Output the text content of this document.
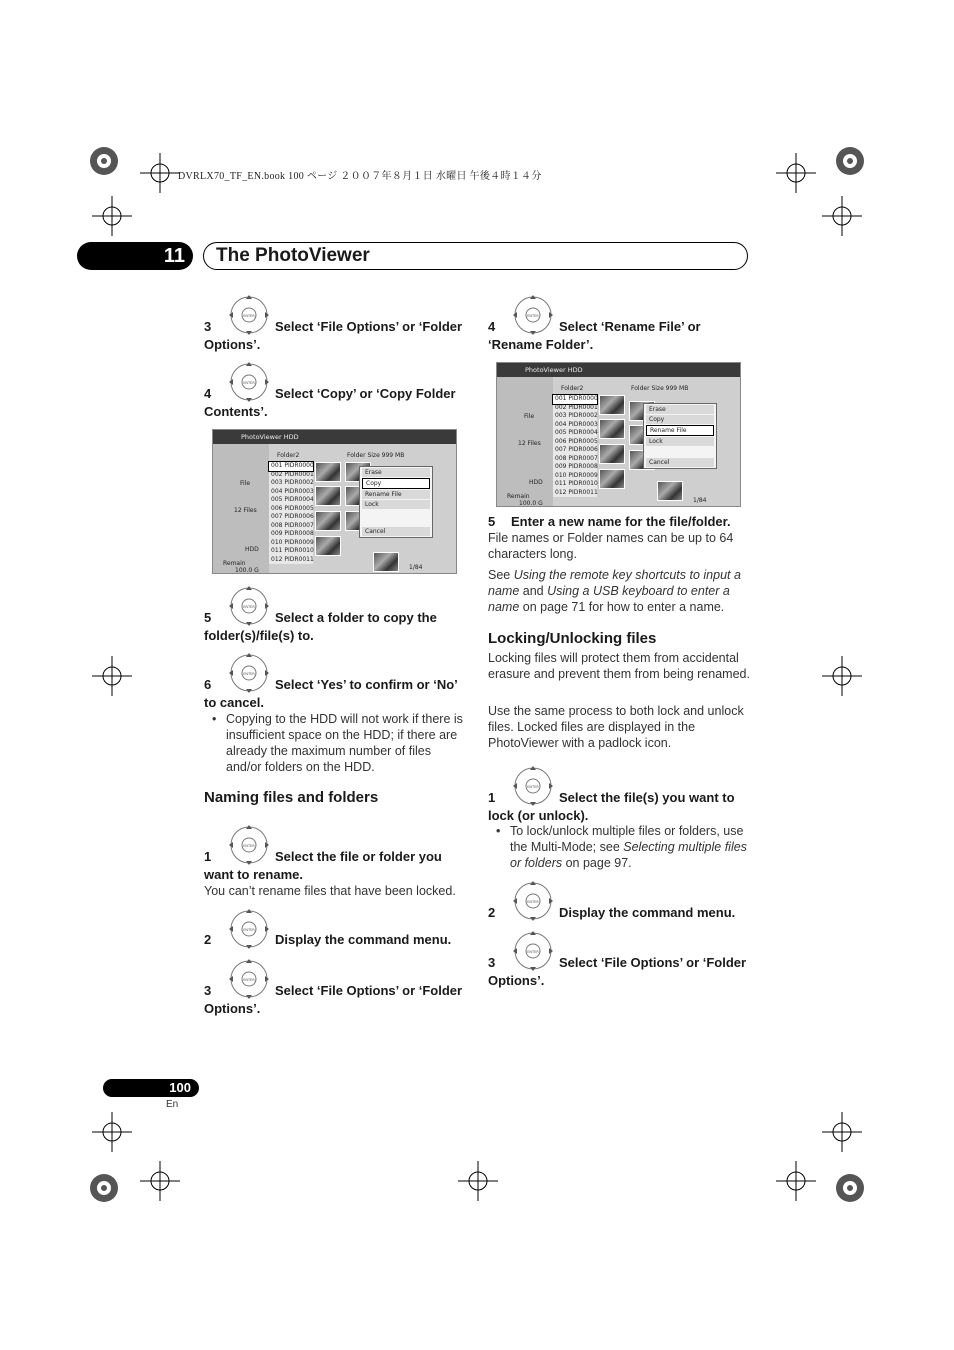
DVRLX70_TF_EN.book 100 ページ ２００７年８月１日 水曜日 午後４時１４分
11	The PhotoViewer
3	Select ‘File Options’ or ‘Folder Options’.
4	Select ‘Copy’ or ‘Copy Folder Contents’.
PhotoViewer HDD
File
12 Files
HDD
Remain
100.0 G
Folder2	Folder Size 999 MB
001 PIDR0000
002 PIDR0001
003 PIDR0002
004 PIDR0003
005 PIDR0004
006 PIDR0005
007 PIDR0006
008 PIDR0007
009 PIDR0008
010 PIDR0009
011 PIDR0010
012 PIDR0011
Erase
Copy
Rename File
Lock
Cancel
1/84
5	Select a folder to copy the folder(s)/file(s) to.
6	Select ‘Yes’ to confirm or ‘No’ to cancel.
• Copying to the HDD will not work if there is insufficient space on the HDD; if there are already the maximum number of files and/or folders on the HDD.
Naming files and folders
1	Select the file or folder you want to rename.
You can’t rename files that have been locked.
2	Display the command menu.
3	Select ‘File Options’ or ‘Folder Options’.
4	Select ‘Rename File’ or ‘Rename Folder’.
PhotoViewer HDD
File
12 Files
HDD
Remain
100.0 G
Folder2	Folder Size 999 MB
001 PIDR0000
002 PIDR0001
003 PIDR0002
004 PIDR0003
005 PIDR0004
006 PIDR0005
007 PIDR0006
008 PIDR0007
009 PIDR0008
010 PIDR0009
011 PIDR0010
012 PIDR0011
Erase
Copy
Rename File
Lock
Cancel
1/84
5	Enter a new name for the file/folder.
File names or Folder names can be up to 64 characters long.
See Using the remote key shortcuts to input a name and Using a USB keyboard to enter a name on page 71 for how to enter a name.
Locking/Unlocking files
Locking files will protect them from accidental erasure and prevent them from being renamed.
Use the same process to both lock and unlock files. Locked files are displayed in the PhotoViewer with a padlock icon.
1	Select the file(s) you want to lock (or unlock).
• To lock/unlock multiple files or folders, use the Multi-Mode; see Selecting multiple files or folders on page 97.
2	Display the command menu.
3	Select ‘File Options’ or ‘Folder Options’.
100
En
